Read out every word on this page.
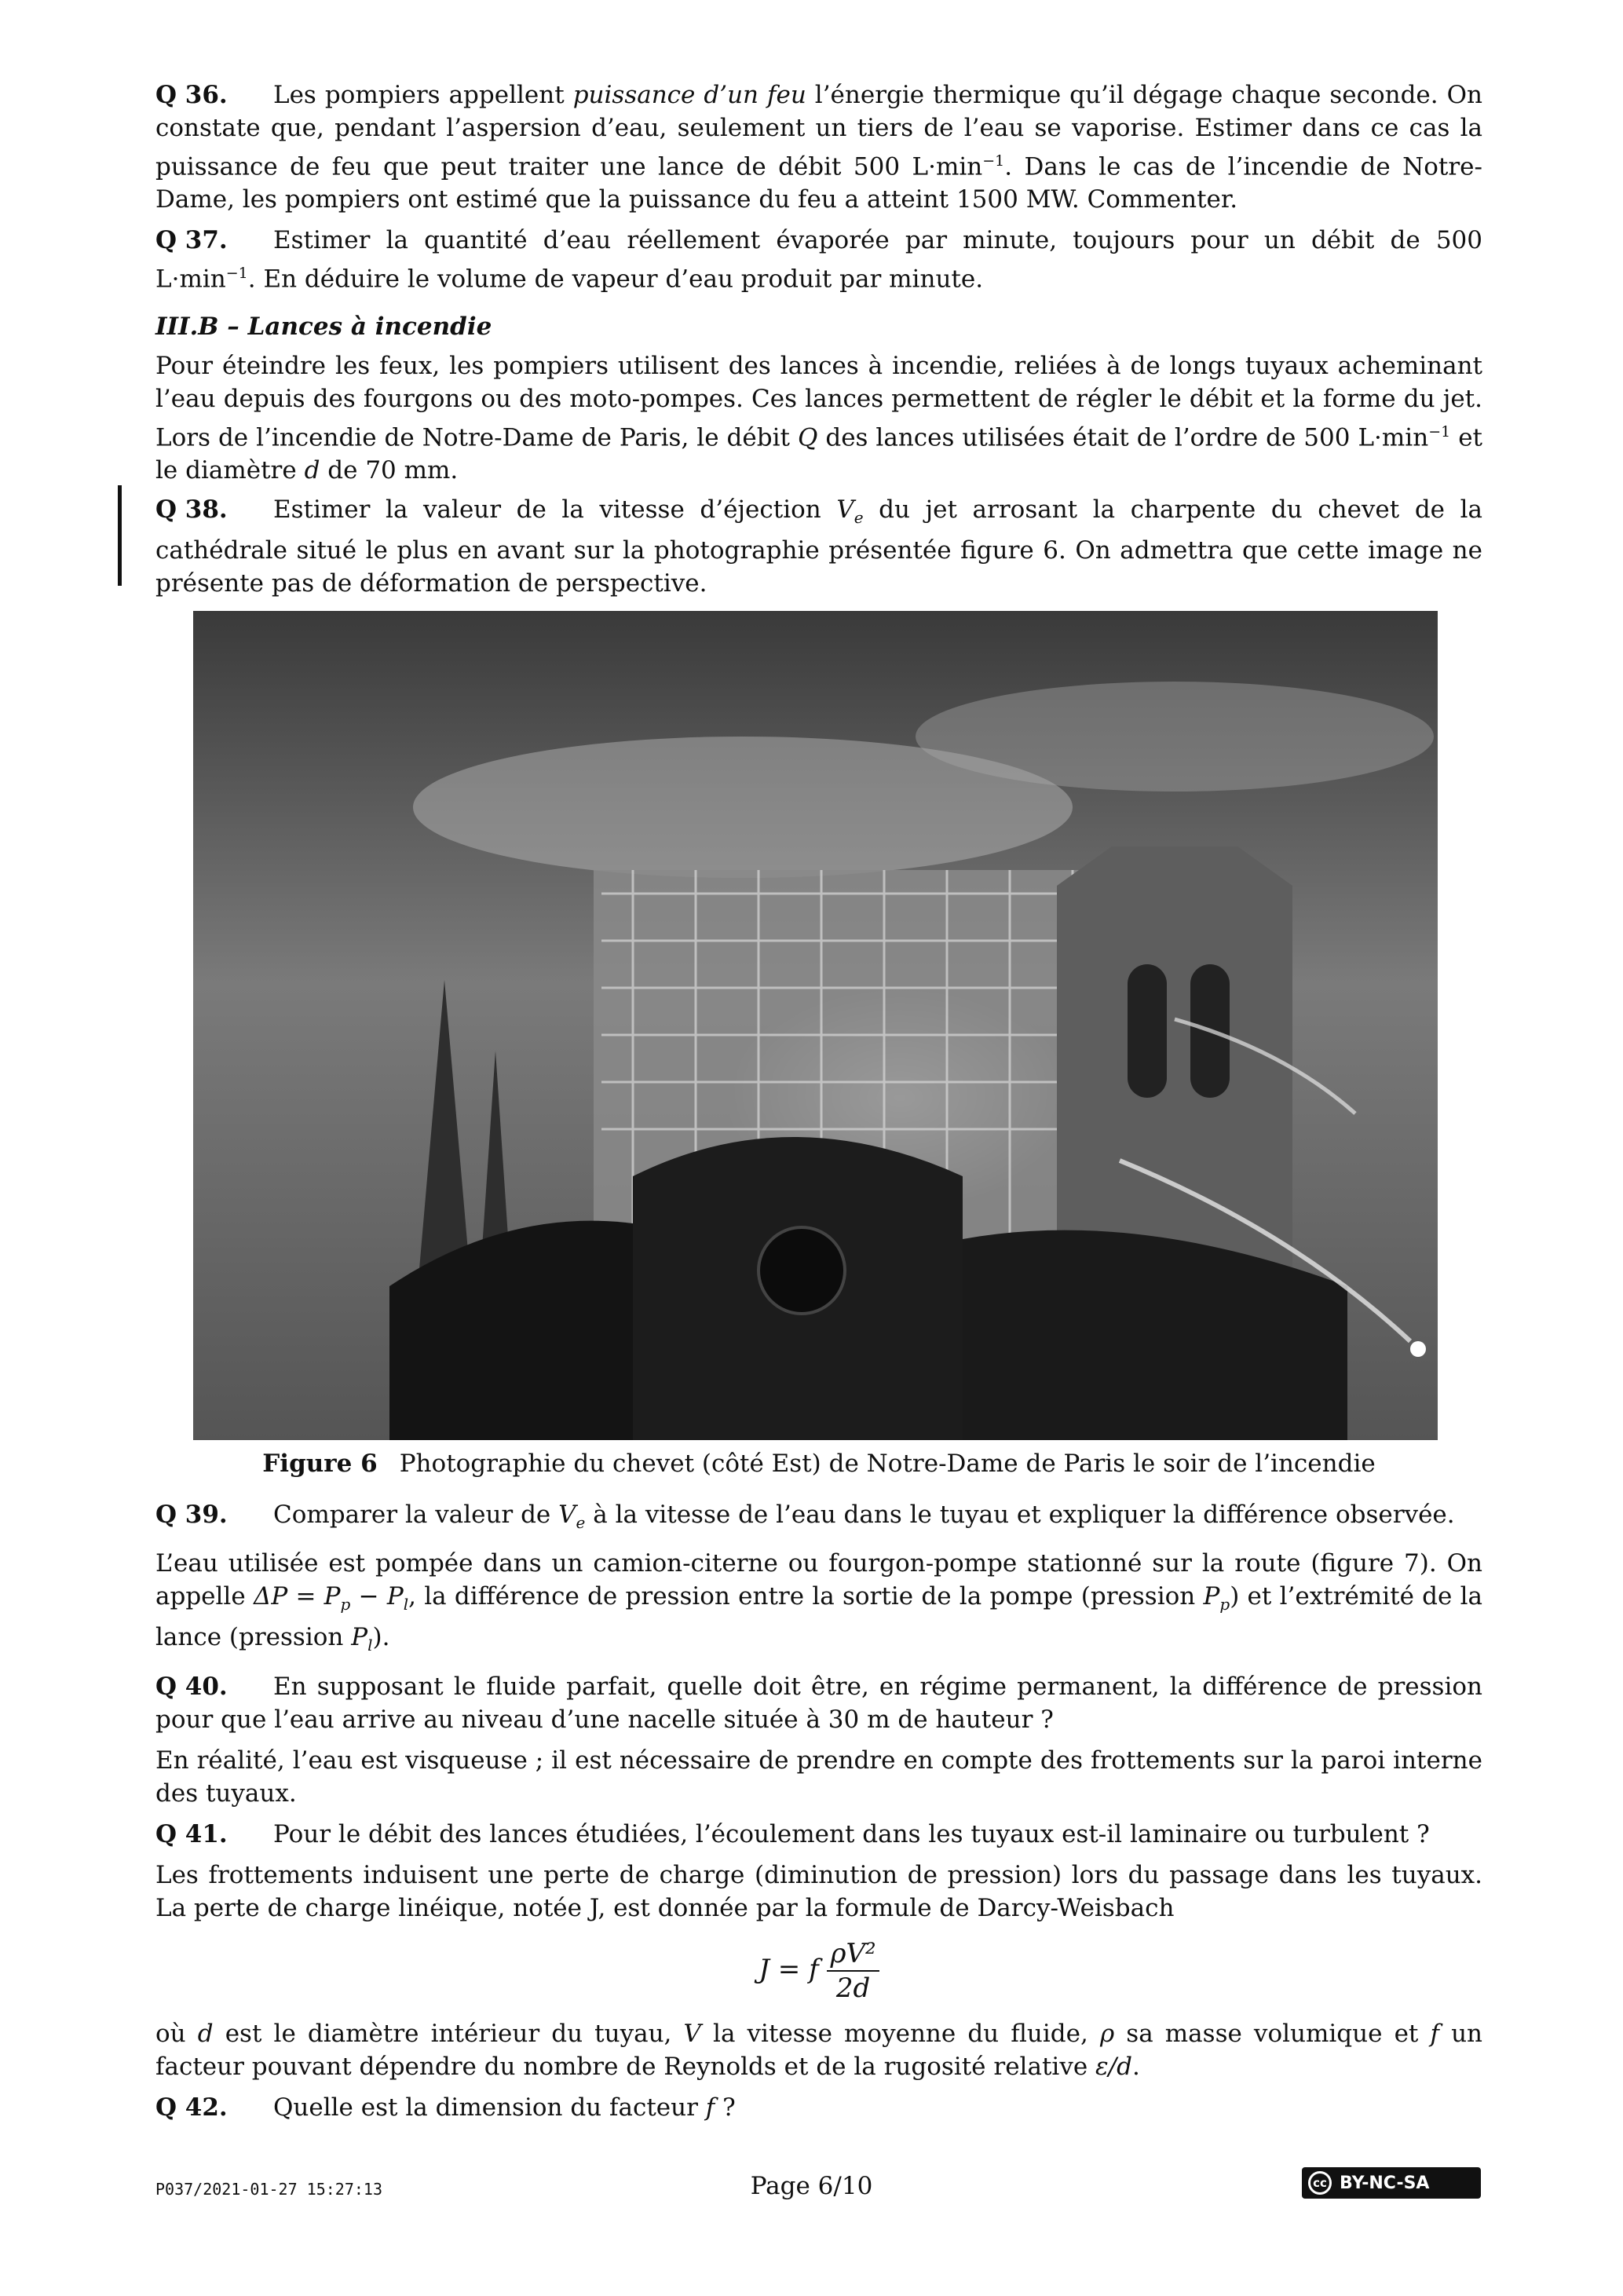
Q 36. Les pompiers appellent puissance d’un feu l’énergie thermique qu’il dégage chaque seconde. On constate que, pendant l’aspersion d’eau, seulement un tiers de l’eau se vaporise. Estimer dans ce cas la puissance de feu que peut traiter une lance de débit 500 $L\cdot\min^{-1}$. Dans le cas de l’incendie de Notre-Dame, les pompiers ont estimé que la puissance du feu a atteint 1500 MW. Commenter.

Q 37. Estimer la quantité d’eau réellement évaporée par minute, toujours pour un débit de 500 $L\cdot\min^{-1}$. En déduire le volume de vapeur d’eau produit par minute.

III.B – Lances à incendie

Pour éteindre les feux, les pompiers utilisent des lances à incendie, reliées à de longs tuyaux acheminant l’eau depuis des fourgons ou des moto-pompes. Ces lances permettent de régler le débit et la forme du jet. Lors de l’incendie de Notre-Dame de Paris, le débit Q des lances utilisées était de l’ordre de 500 $L\cdot\min^{-1}$ et le diamètre d de 70 mm.

Q 38. Estimer la valeur de la vitesse d’éjection $V_e$ du jet arrosant la charpente du chevet de la cathédrale situé le plus en avant sur la photographie présentée figure 6. On admettra que cette image ne présente pas de déformation de perspective.

Figure 6 Photographie du chevet (côté Est) de Notre-Dame de Paris le soir de l’incendie

Q 39. Comparer la valeur de $V_e$ à la vitesse de l’eau dans le tuyau et expliquer la différence observée.

L’eau utilisée est pompée dans un camion-citerne ou fourgon-pompe stationné sur la route (figure 7). On appelle $\Delta P = P_p - P_l$, la différence de pression entre la sortie de la pompe (pression $P_p$) et l’extrémité de la lance (pression $P_l$).

Q 40. En supposant le fluide parfait, quelle doit être, en régime permanent, la différence de pression pour que l’eau arrive au niveau d’une nacelle située à 30 m de hauteur ?

En réalité, l’eau est visqueuse ; il est nécessaire de prendre en compte des frottements sur la paroi interne des tuyaux.

Q 41. Pour le débit des lances étudiées, l’écoulement dans les tuyaux est-il laminaire ou turbulent ?

Les frottements induisent une perte de charge (diminution de pression) lors du passage dans les tuyaux. La perte de charge linéique, notée J, est donnée par la formule de Darcy-Weisbach

J = f $\frac{\text{ρV²}}{2d}$

où d est le diamètre intérieur du tuyau, V la vitesse moyenne du fluide, ρ sa masse volumique et f un facteur pouvant dépendre du nombre de Reynolds et de la rugosité relative ε/d.

Q 42. Quelle est la dimension du facteur f ?

P037/2021-01-27 15:27:13	Page 6/10	cc BY-NC-SA
